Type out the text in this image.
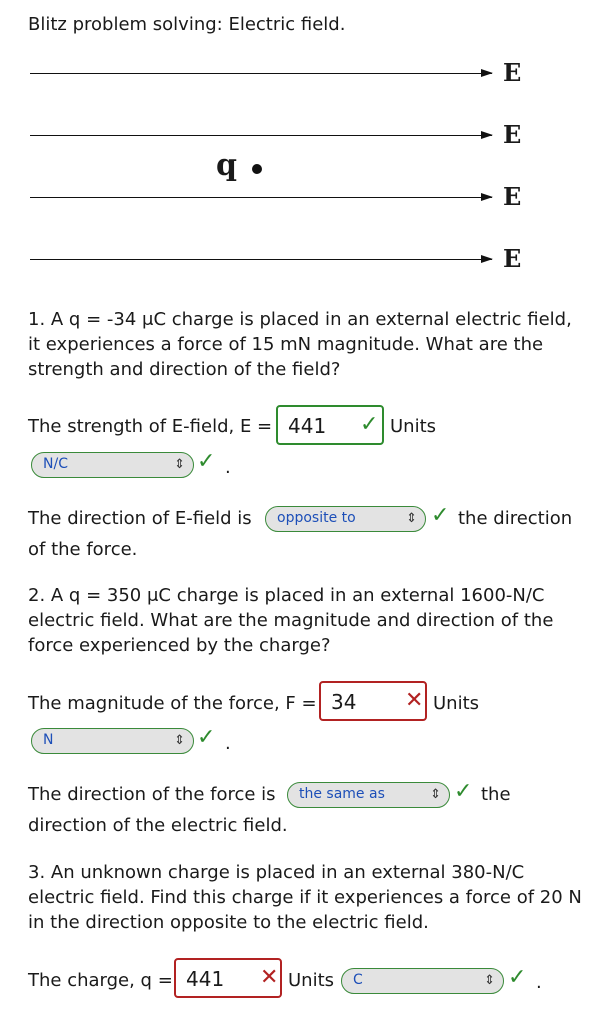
Blitz problem solving: Electric field.
E
E
E
E
q
1. A q = -34 μC charge is placed in an external electric field, it experiences a force of 15 mN magnitude. What are the strength and direction of the field?
The strength of E-field, E = 441	✓ Units
N/C	⇕ ✓ .
The direction of E-field is	opposite to	⇕ ✓ the direction
of the force.
2. A q = 350 μC charge is placed in an external 1600-N/C electric field. What are the magnitude and direction of the force experienced by the charge?
The magnitude of the force, F = 34	✕ Units
N	⇕ ✓ .
The direction of the force is	the same as	⇕ ✓ the
direction of the electric field.
3. An unknown charge is placed in an external 380-N/C electric field. Find this charge if it experiences a force of 20 N in the direction opposite to the electric field.
The charge, q = 441	✕ Units	C	⇕ ✓ .
